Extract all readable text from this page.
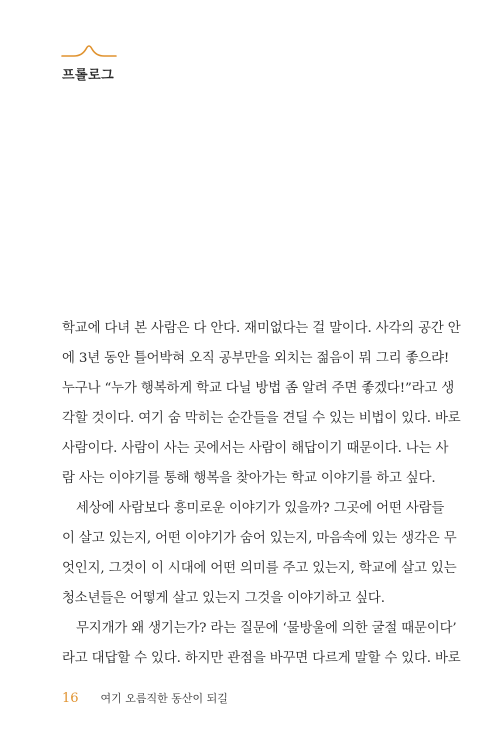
프롤로그
학교에 다녀 본 사람은 다 안다. 재미없다는 걸 말이다. 사각의 공간 안
에 3년 동안 틀어박혀 오직 공부만을 외치는 젊음이 뭐 그리 좋으랴!
누구나 “누가 행복하게 학교 다닐 방법 좀 알려 주면 좋겠다!”라고 생
각할 것이다. 여기 숨 막히는 순간들을 견딜 수 있는 비법이 있다. 바로
사람이다. 사람이 사는 곳에서는 사람이 해답이기 때문이다. 나는 사
람 사는 이야기를 통해 행복을 찾아가는 학교 이야기를 하고 싶다.
세상에 사람보다 흥미로운 이야기가 있을까? 그곳에 어떤 사람들
이 살고 있는지, 어떤 이야기가 숨어 있는지, 마음속에 있는 생각은 무
엇인지, 그것이 이 시대에 어떤 의미를 주고 있는지, 학교에 살고 있는
청소년들은 어떻게 살고 있는지 그것을 이야기하고 싶다.
무지개가 왜 생기는가? 라는 질문에 ‘물방울에 의한 굴절 때문이다’
라고 대답할 수 있다. 하지만 관점을 바꾸면 다르게 말할 수 있다. 바로
16 여기 오름직한 동산이 되길
